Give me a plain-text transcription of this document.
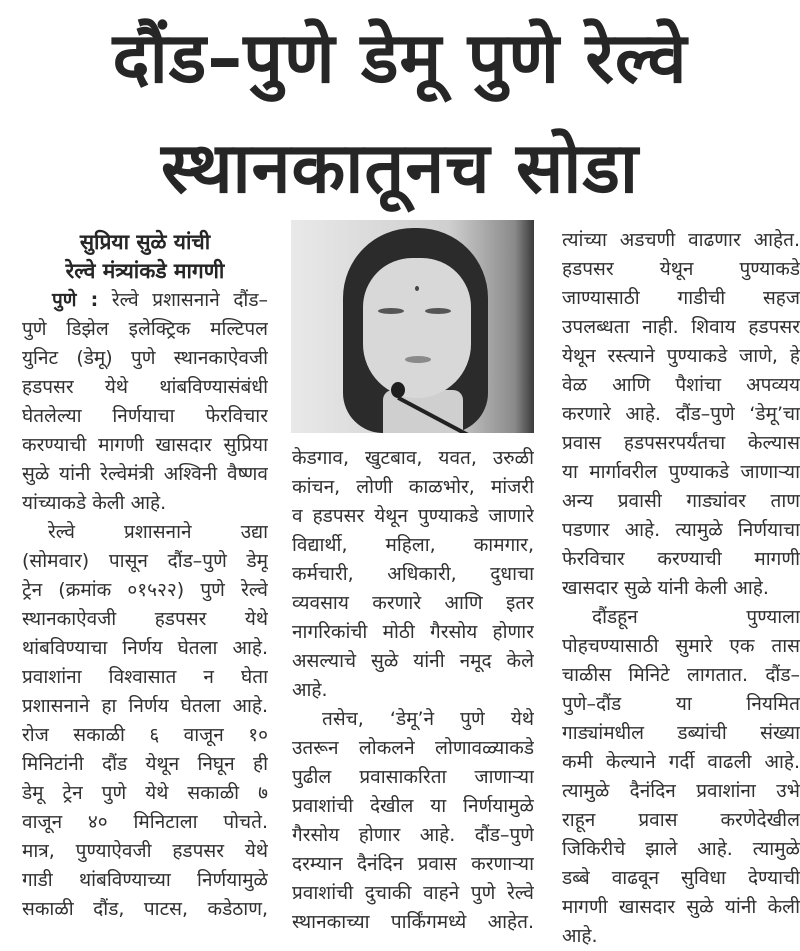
दौंड–पुणे डेमू पुणे रेल्वे
स्थानकातूनच सोडा
सुप्रिया सुळे यांची
रेल्वे मंत्र्यांकडे मागणी
पुणे : रेल्वे प्रशासनाने दौंड–
पुणे डिझेल इलेक्ट्रिक मल्टिपल
युनिट (डेमू) पुणे स्थानकाऐवजी
हडपसर येथे थांबविण्यासंबंधी
घेतलेल्या निर्णयाचा फेरविचार
करण्याची मागणी खासदार सुप्रिया
सुळे यांनी रेल्वेमंत्री अश्विनी वैष्णव
यांच्याकडे केली आहे.
रेल्वे प्रशासनाने उद्या
(सोमवार) पासून दौंड–पुणे डेमू
ट्रेन (क्रमांक ०१५२२) पुणे रेल्वे
स्थानकाऐवजी हडपसर येथे
थांबविण्याचा निर्णय घेतला आहे.
प्रवाशांना विश्वासात न घेता
प्रशासनाने हा निर्णय घेतला आहे.
रोज सकाळी ६ वाजून १०
मिनिटांनी दौंड येथून निघून ही
डेमू ट्रेन पुणे येथे सकाळी ७
वाजून ४० मिनिटाला पोचते.
मात्र, पुण्याऐवजी हडपसर येथे
गाडी थांबविण्याच्या निर्णयामुळे
सकाळी दौंड, पाटस, कडेठाण,
केडगाव, खुटबाव, यवत, उरुळी
कांचन, लोणी काळभोर, मांजरी
व हडपसर येथून पुण्याकडे जाणारे
विद्यार्थी, महिला, कामगार,
कर्मचारी, अधिकारी, दुधाचा
व्यवसाय करणारे आणि इतर
नागरिकांची मोठी गैरसोय होणार
असल्याचे सुळे यांनी नमूद केले
आहे.
तसेच, ‘डेमू’ने पुणे येथे
उतरून लोकलने लोणावळ्याकडे
पुढील प्रवासाकरिता जाणाऱ्या
प्रवाशांची देखील या निर्णयामुळे
गैरसोय होणार आहे. दौंड–पुणे
दरम्यान दैनंदिन प्रवास करणाऱ्या
प्रवाशांची दुचाकी वाहने पुणे रेल्वे
स्थानकाच्या पार्किंगमध्ये आहेत.
त्यांच्या अडचणी वाढणार आहेत.
हडपसर येथून पुण्याकडे
जाण्यासाठी गाडीची सहज
उपलब्धता नाही. शिवाय हडपसर
येथून रस्त्याने पुण्याकडे जाणे, हे
वेळ आणि पैशांचा अपव्यय
करणारे आहे. दौंड–पुणे ‘डेमू’चा
प्रवास हडपसरपर्यंतचा केल्यास
या मार्गावरील पुण्याकडे जाणाऱ्या
अन्य प्रवासी गाड्यांवर ताण
पडणार आहे. त्यामुळे निर्णयाचा
फेरविचार करण्याची मागणी
खासदार सुळे यांनी केली आहे.
दौंडहून पुण्याला
पोहचण्यासाठी सुमारे एक तास
चाळीस मिनिटे लागतात. दौंड–
पुणे–दौंड या नियमित
गाड्यांमधील डब्यांची संख्या
कमी केल्याने गर्दी वाढली आहे.
त्यामुळे दैनंदिन प्रवाशांना उभे
राहून प्रवास करणेदेखील
जिकिरीचे झाले आहे. त्यामुळे
डब्बे वाढवून सुविधा देण्याची
मागणी खासदार सुळे यांनी केली
आहे.
